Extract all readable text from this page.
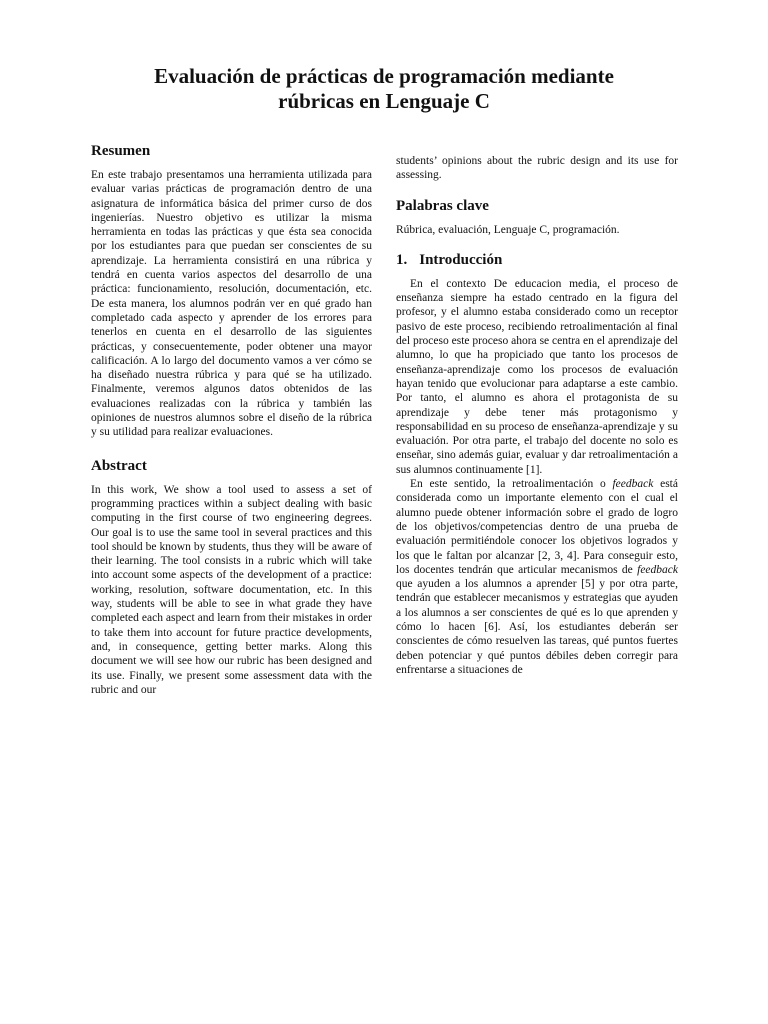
Evaluación de prácticas de programación mediante
rúbricas en Lenguaje C
Resumen

En este trabajo presentamos una herramienta utilizada para evaluar varias prácticas de programación dentro de una asignatura de informática básica del primer curso de dos ingenierías. Nuestro objetivo es utilizar la misma herramienta en todas las prácticas y que ésta sea conocida por los estudiantes para que puedan ser conscientes de su aprendizaje. La herramienta consistirá en una rúbrica y tendrá en cuenta varios aspectos del desarrollo de una práctica: funcionamiento, resolución, documentación, etc. De esta manera, los alumnos podrán ver en qué grado han completado cada aspecto y aprender de los errores para tenerlos en cuenta en el desarrollo de las siguientes prácticas, y consecuentemente, poder obtener una mayor calificación. A lo largo del documento vamos a ver cómo se ha diseñado nuestra rúbrica y para qué se ha utilizado. Finalmente, veremos algunos datos obtenidos de las evaluaciones realizadas con la rúbrica y también las opiniones de nuestros alumnos sobre el diseño de la rúbrica y su utilidad para realizar evaluaciones.

Abstract

In this work, We show a tool used to assess a set of programming practices within a subject dealing with basic computing in the first course of two engineering degrees. Our goal is to use the same tool in several practices and this tool should be known by students, thus they will be aware of their learning. The tool consists in a rubric which will take into account some aspects of the development of a practice: working, resolution, software documentation, etc. In this way, students will be able to see in what grade they have completed each aspect and learn from their mistakes in order to take them into account for future practice developments, and, in consequence, getting better marks. Along this document we will see how our rubric has been designed and its use. Finally, we present some assessment data with the rubric and our

students’ opinions about the rubric design and its use for assessing.

Palabras clave

Rúbrica, evaluación, Lenguaje C, programación.

1. Introducción

En el contexto De educacion media, el proceso de enseñanza siempre ha estado centrado en la figura del profesor, y el alumno estaba considerado como un receptor pasivo de este proceso, recibiendo retroalimentación al final del proceso este proceso ahora se centra en el aprendizaje del alumno, lo que ha propiciado que tanto los procesos de enseñanza-aprendizaje como los procesos de evaluación hayan tenido que evolucionar para adaptarse a este cambio. Por tanto, el alumno es ahora el protagonista de su aprendizaje y debe tener más protagonismo y responsabilidad en su proceso de enseñanza-aprendizaje y su evaluación. Por otra parte, el trabajo del docente no solo es enseñar, sino además guiar, evaluar y dar retroalimentación a sus alumnos continuamente [1].

En este sentido, la retroalimentación o feedback está considerada como un importante elemento con el cual el alumno puede obtener información sobre el grado de logro de los objetivos/competencias dentro de una prueba de evaluación permitiéndole conocer los objetivos logrados y los que le faltan por alcanzar [2, 3, 4]. Para conseguir esto, los docentes tendrán que articular mecanismos de feedback que ayuden a los alumnos a aprender [5] y por otra parte, tendrán que establecer mecanismos y estrategias que ayuden a los alumnos a ser conscientes de qué es lo que aprenden y cómo lo hacen [6]. Así, los estudiantes deberán ser conscientes de cómo resuelven las tareas, qué puntos fuertes deben potenciar y qué puntos débiles deben corregir para enfrentarse a situaciones de
